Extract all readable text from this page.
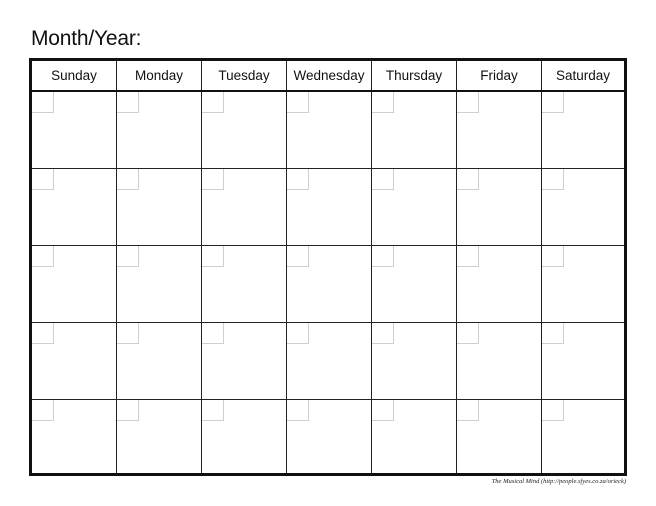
Month/Year:
Sunday	Monday	Tuesday	Wednesday	Thursday	Friday	Saturday
The Musical Mind (http://people.sfyes.co.za/orieck)
